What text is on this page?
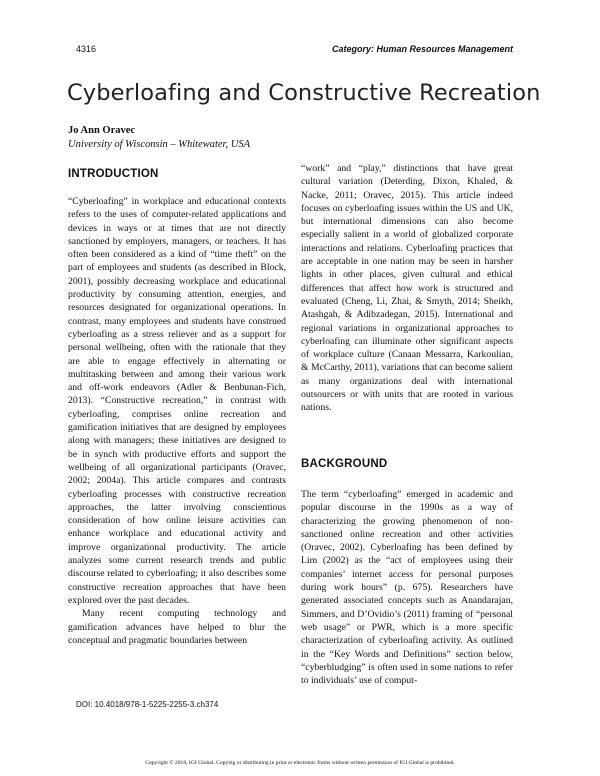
4316	Category: Human Resources Management
Cyberloafing and Constructive Recreation
Jo Ann Oravec
University of Wisconsin – Whitewater, USA
INTRODUCTION

“Cyberloafing” in workplace and educational contexts refers to the uses of computer-related applications and devices in ways or at times that are not directly sanctioned by employers, managers, or teachers. It has often been considered as a kind of “time theft” on the part of employees and students (as described in Block, 2001), possibly decreasing workplace and educational productivity by consuming attention, energies, and resources designated for organizational operations. In contrast, many employees and students have construed cyberloafing as a stress reliever and as a support for personal wellbeing, often with the rationale that they are able to engage effectively in alternating or multitasking between and among their various work and off-work endeavors (Adler & Benbunan-Fich, 2013). “Constructive recreation,” in contrast with cyberloafing, comprises online recreation and gamification initiatives that are designed by employees along with managers; these initiatives are designed to be in synch with productive efforts and support the wellbeing of all organizational participants (Oravec, 2002; 2004a). This article compares and contrasts cyberloafing processes with constructive recreation approaches, the latter involving conscientious consideration of how online leisure activities can enhance workplace and educational activity and improve organizational productivity. The article analyzes some current research trends and public discourse related to cyberloafing; it also describes some constructive recreation approaches that have been explored over the past decades.

Many recent computing technology and gamification advances have helped to blur the conceptual and pragmatic boundaries between

“work” and “play,” distinctions that have great cultural variation (Deterding, Dixon, Khaled, & Nacke, 2011; Oravec, 2015). This article indeed focuses on cyberloafing issues within the US and UK, but international dimensions can also become especially salient in a world of globalized corporate interactions and relations. Cyberloafing practices that are acceptable in one nation may be seen in harsher lights in other places, given cultural and ethical differences that affect how work is structured and evaluated (Cheng, Li, Zhai, & Smyth, 2014; Sheikh, Atashgah, & Adibzadegan, 2015). International and regional variations in organizational approaches to cyberloafing can illuminate other significant aspects of workplace culture (Canaan Messarra, Karkoulian, & McCarthy, 2011), variations that can become salient as many organizations deal with international outsourcers or with units that are rooted in various nations.

BACKGROUND

The term “cyberloafing” emerged in academic and popular discourse in the 1990s as a way of characterizing the growing phenomenon of non-sanctioned online recreation and other activities (Oravec, 2002). Cyberloafing has been defined by Lim (2002) as the “act of employees using their companies’ internet access for personal purposes during work hours” (p. 675). Researchers have generated associated concepts such as Anandarajan, Simmers, and D’Ovidio’s (2011) framing of “personal web usage” or PWR, which is a more specific characterization of cyberloafing activity. As outlined in the “Key Words and Definitions” section below, “cyberbludging” is often used in some nations to refer to individuals’ use of comput-

DOI: 10.4018/978-1-5225-2255-3.ch374
Copyright © 2018, IGI Global. Copying or distributing in print or electronic forms without written permission of IGI Global is prohibited.
